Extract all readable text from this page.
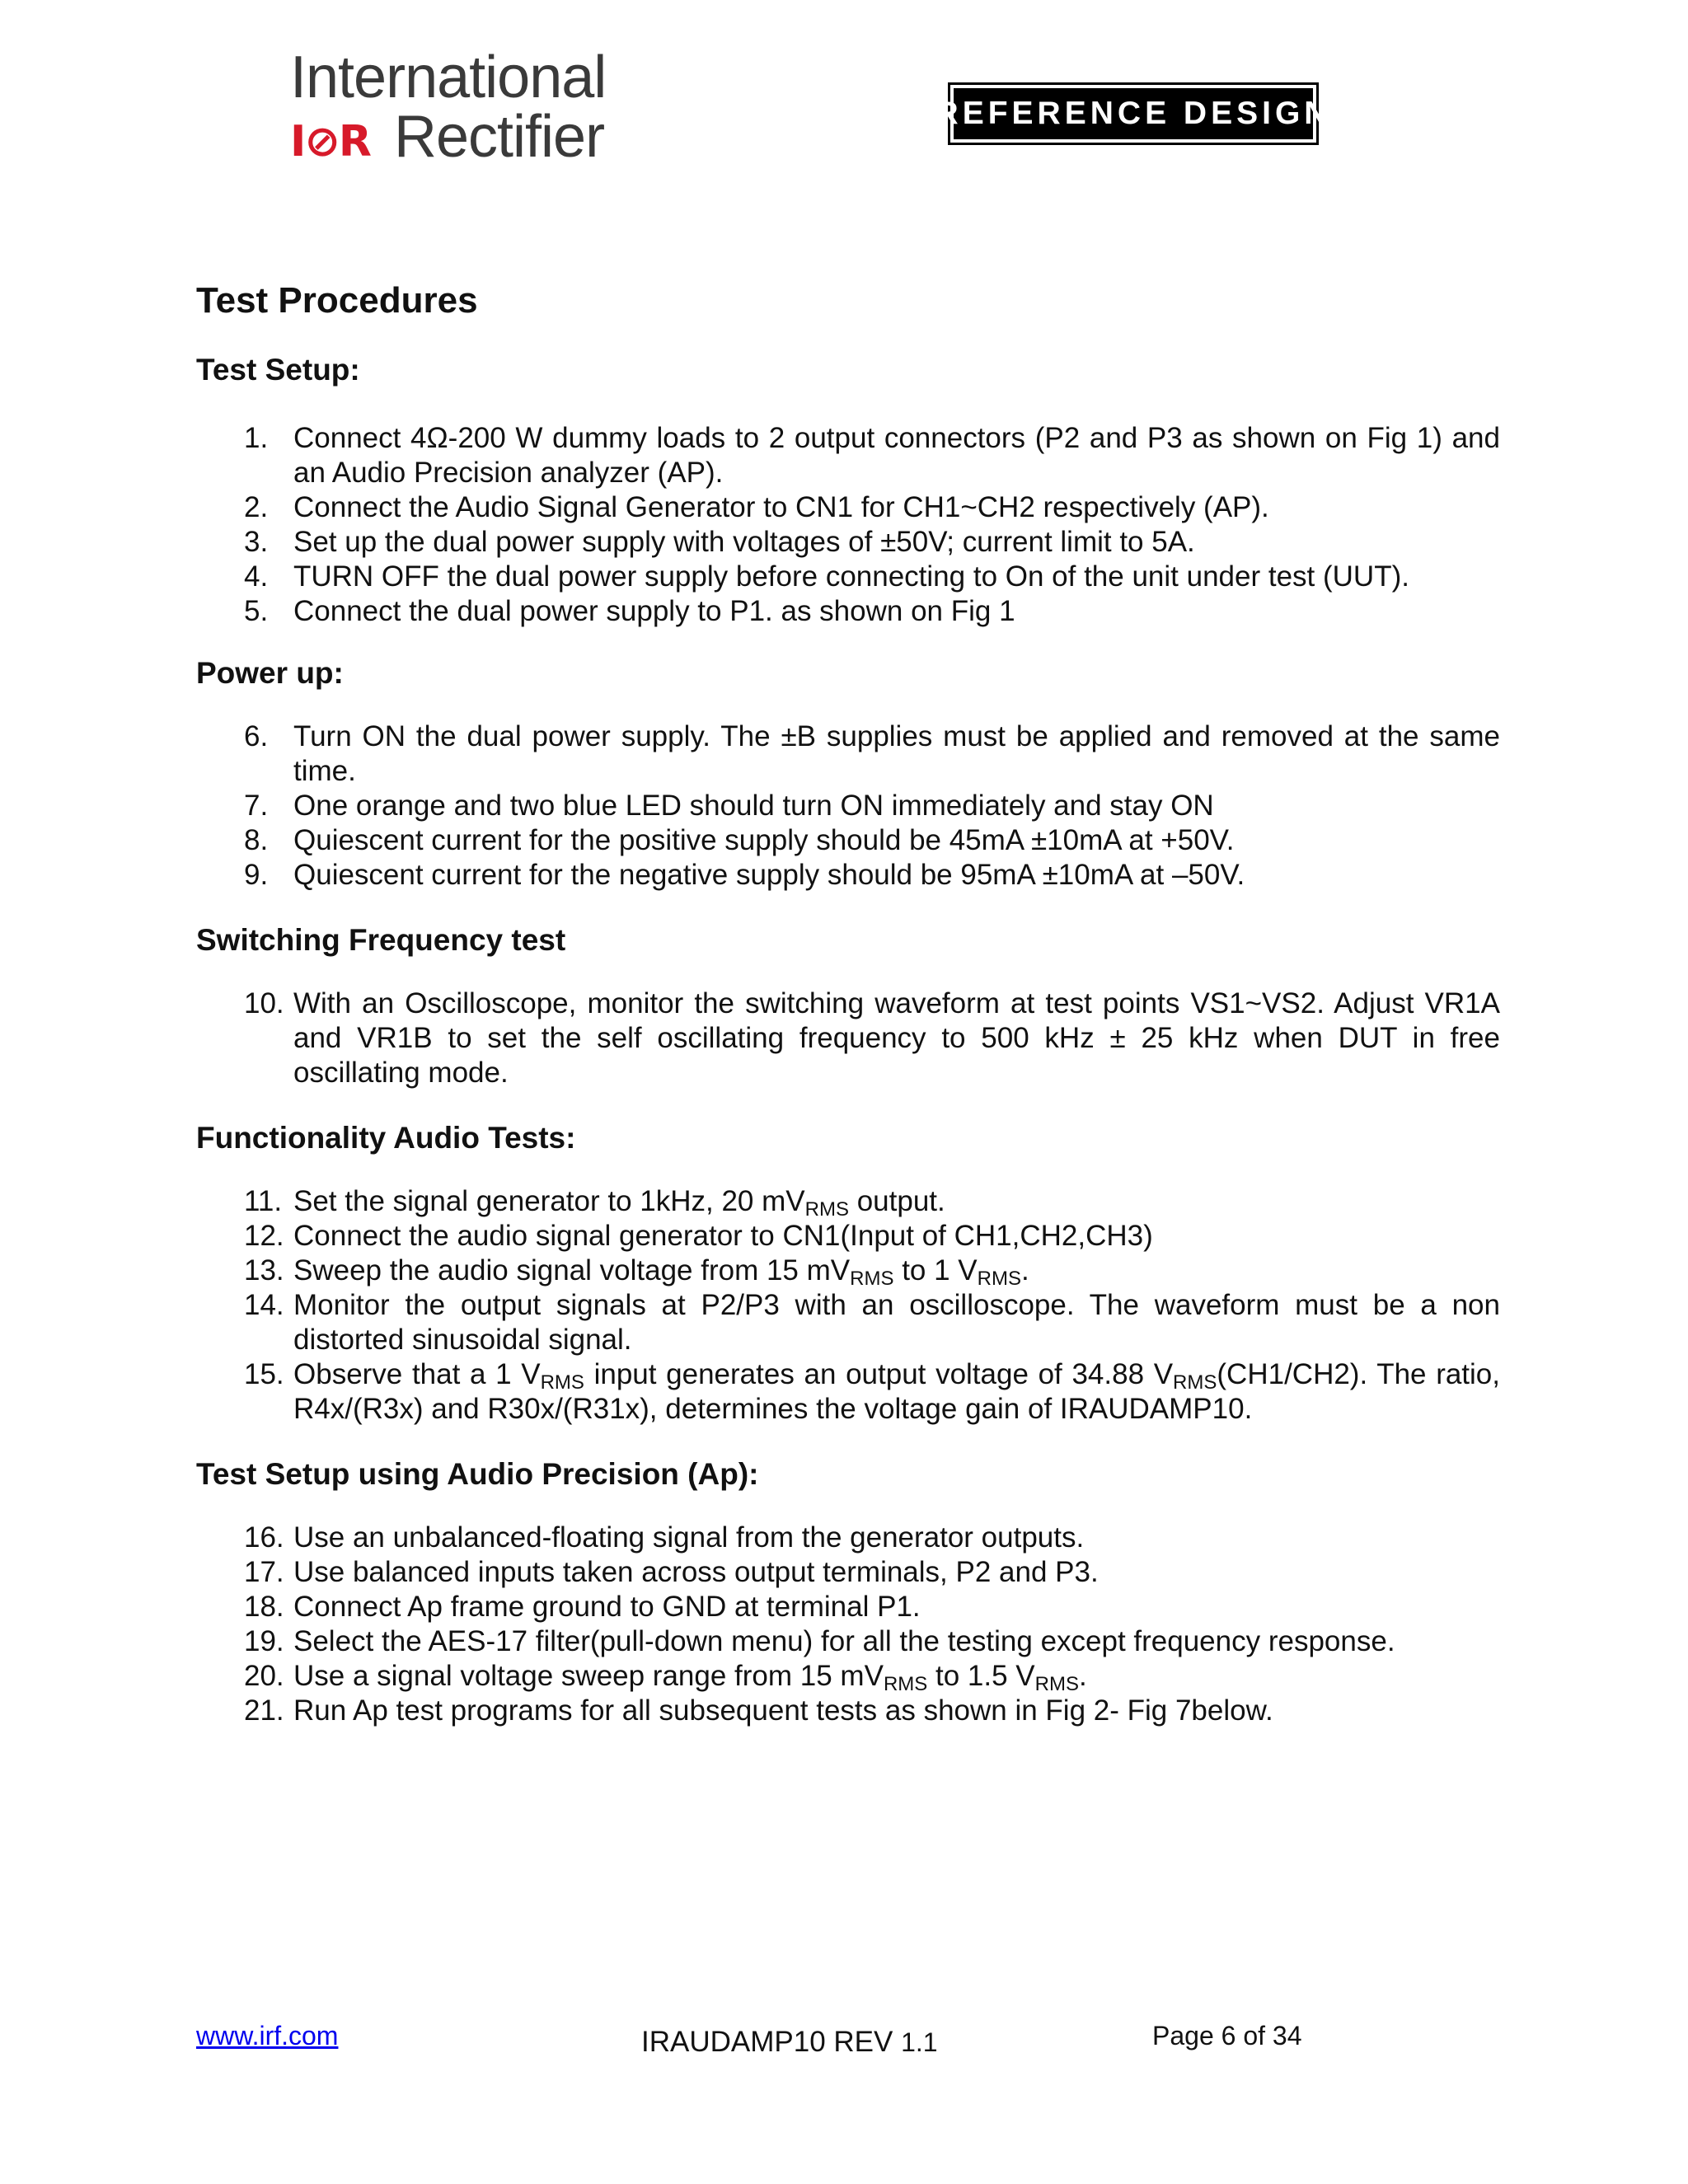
International
I⊘R Rectifier	REFERENCE DESIGN
Test Procedures
Test Setup:
1. Connect 4Ω-200 W dummy loads to 2 output connectors (P2 and P3 as shown on Fig 1) and an Audio Precision analyzer (AP).
2. Connect the Audio Signal Generator to CN1 for CH1~CH2 respectively (AP).
3. Set up the dual power supply with voltages of ±50V; current limit to 5A.
4. TURN OFF the dual power supply before connecting to On of the unit under test (UUT).
5. Connect the dual power supply to P1. as shown on Fig 1
Power up:
6. Turn ON the dual power supply. The ±B supplies must be applied and removed at the same time.
7. One orange and two blue LED should turn ON immediately and stay ON
8. Quiescent current for the positive supply should be 45mA ±10mA at +50V.
9. Quiescent current for the negative supply should be 95mA ±10mA at –50V.
Switching Frequency test
10. With an Oscilloscope, monitor the switching waveform at test points VS1~VS2. Adjust VR1A and VR1B to set the self oscillating frequency to 500 kHz ± 25 kHz when DUT in free oscillating mode.
Functionality Audio Tests:
11. Set the signal generator to 1kHz, 20 $mV_{RMS}$ output.
12. Connect the audio signal generator to CN1(Input of CH1,CH2,CH3)
13. Sweep the audio signal voltage from 15 $mV_{RMS}$ to 1 $V_{RMS}$.
14. Monitor the output signals at P2/P3 with an oscilloscope. The waveform must be a non distorted sinusoidal signal.
15. Observe that a 1 $V_{RMS}$ input generates an output voltage of 34.88 $V_{RMS}(CH1/CH2)$. The ratio, R4x/(R3x) and R30x/(R31x), determines the voltage gain of IRAUDAMP10.
Test Setup using Audio Precision (Ap):
16. Use an unbalanced-floating signal from the generator outputs.
17. Use balanced inputs taken across output terminals, P2 and P3.
18. Connect Ap frame ground to GND at terminal P1.
19. Select the AES-17 filter(pull-down menu) for all the testing except frequency response.
20. Use a signal voltage sweep range from 15 $mV_{RMS}$ to 1.5 $V_{RMS}$.
21. Run Ap test programs for all subsequent tests as shown in Fig 2- Fig 7below.
www.irf.com	IRAUDAMP10 REV 1.1	Page 6 of 34
